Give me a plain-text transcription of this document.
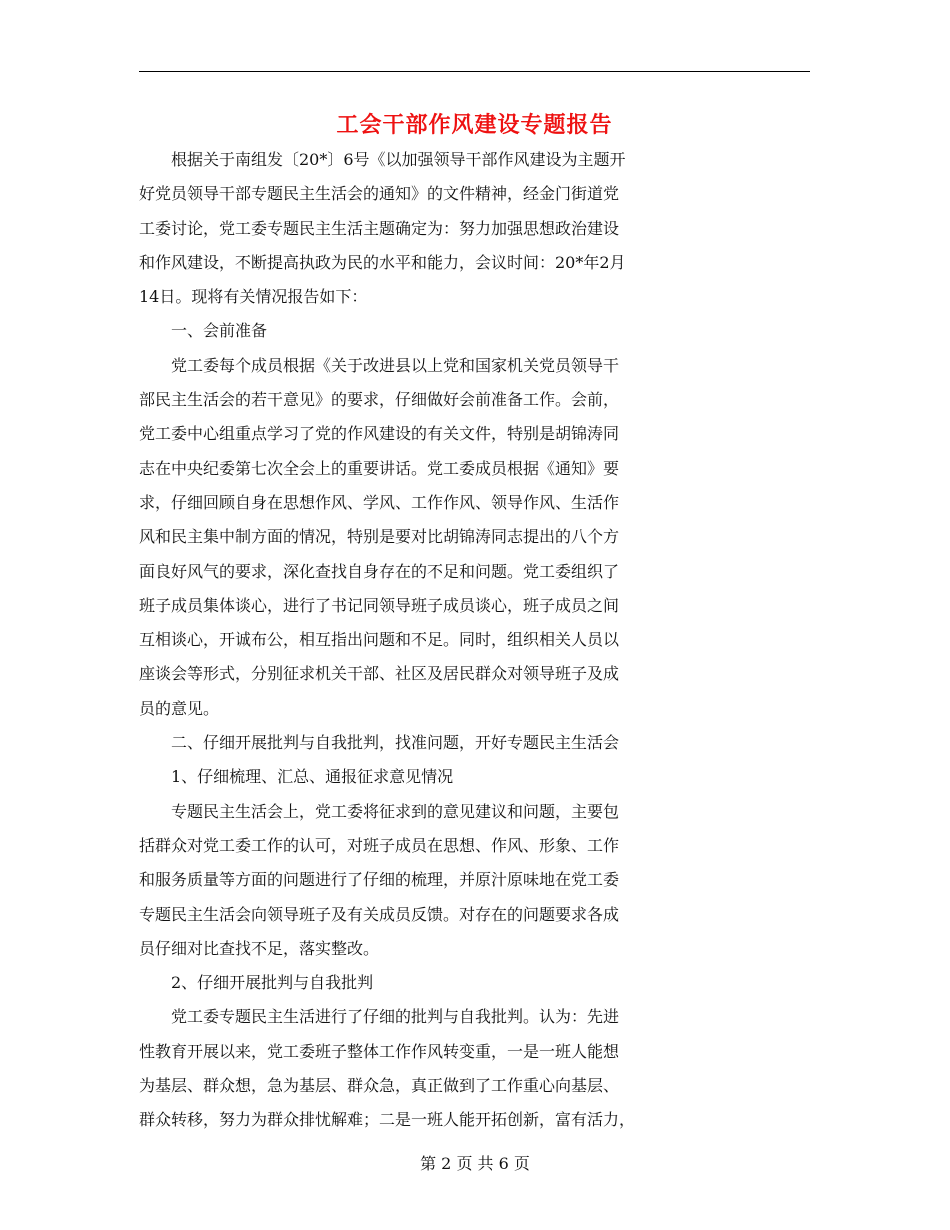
工会干部作风建设专题报告
　　根据关于南组发〔20*〕6号《以加强领导干部作风建设为主题开
好党员领导干部专题民主生活会的通知》的文件精神，经金门街道党
工委讨论，党工委专题民主生活主题确定为：努力加强思想政治建设
和作风建设，不断提高执政为民的水平和能力，会议时间：20*年2月
14日。现将有关情况报告如下：
　　一、会前准备
　　党工委每个成员根据《关于改进县以上党和国家机关党员领导干
部民主生活会的若干意见》的要求，仔细做好会前准备工作。会前，
党工委中心组重点学习了党的作风建设的有关文件，特别是胡锦涛同
志在中央纪委第七次全会上的重要讲话。党工委成员根据《通知》要
求，仔细回顾自身在思想作风、学风、工作作风、领导作风、生活作
风和民主集中制方面的情况，特别是要对比胡锦涛同志提出的八个方
面良好风气的要求，深化查找自身存在的不足和问题。党工委组织了
班子成员集体谈心，进行了书记同领导班子成员谈心，班子成员之间
互相谈心，开诚布公，相互指出问题和不足。同时，组织相关人员以
座谈会等形式，分别征求机关干部、社区及居民群众对领导班子及成
员的意见。
　　二、仔细开展批判与自我批判，找准问题，开好专题民主生活会
　　1、仔细梳理、汇总、通报征求意见情况
　　专题民主生活会上，党工委将征求到的意见建议和问题，主要包
括群众对党工委工作的认可，对班子成员在思想、作风、形象、工作
和服务质量等方面的问题进行了仔细的梳理，并原汁原味地在党工委
专题民主生活会向领导班子及有关成员反馈。对存在的问题要求各成
员仔细对比查找不足，落实整改。
　　2、仔细开展批判与自我批判
　　党工委专题民主生活进行了仔细的批判与自我批判。认为：先进
性教育开展以来，党工委班子整体工作作风转变重，一是一班人能想
为基层、群众想，急为基层、群众急，真正做到了工作重心向基层、
群众转移，努力为群众排忧解难；二是一班人能开拓创新，富有活力，
第 2 页 共 6 页
